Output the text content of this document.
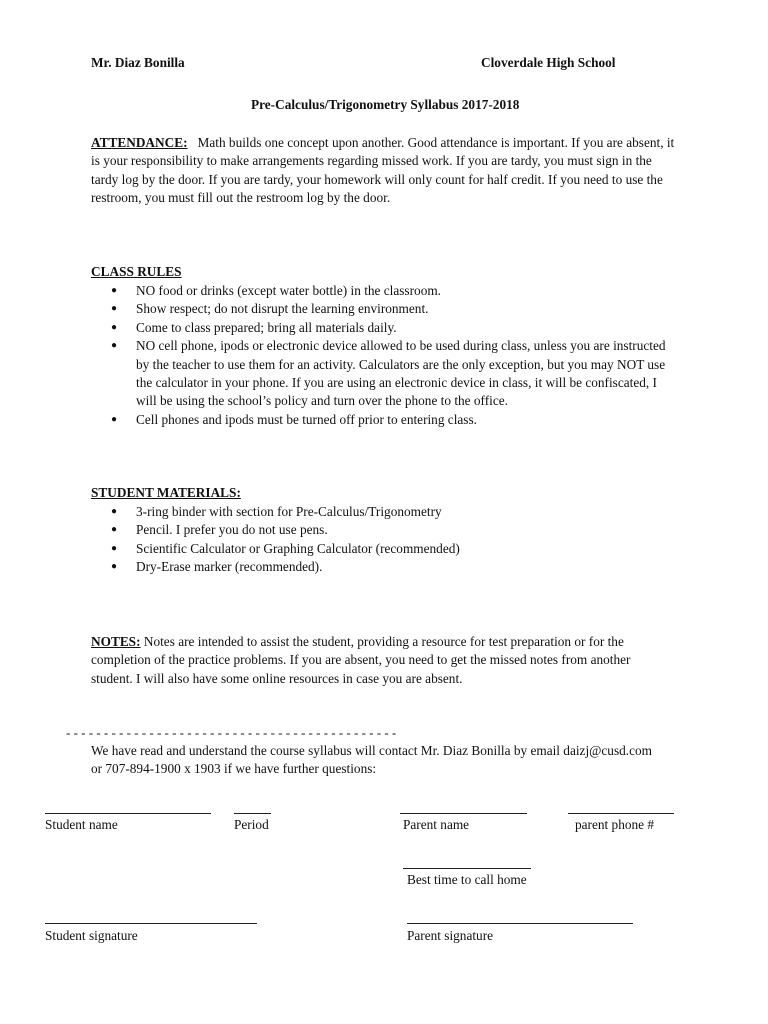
Mr. Diaz Bonilla	Cloverdale High School
Pre-Calculus/Trigonometry Syllabus 2017-2018
ATTENDANCE: Math builds one concept upon another. Good attendance is important. If you are absent, it is your responsibility to make arrangements regarding missed work. If you are tardy, you must sign in the tardy log by the door. If you are tardy, your homework will only count for half credit. If you need to use the restroom, you must fill out the restroom log by the door.
CLASS RULES
● NO food or drinks (except water bottle) in the classroom.
● Show respect; do not disrupt the learning environment.
● Come to class prepared; bring all materials daily.
● NO cell phone, ipods or electronic device allowed to be used during class, unless you are instructed by the teacher to use them for an activity. Calculators are the only exception, but you may NOT use the calculator in your phone. If you are using an electronic device in class, it will be confiscated, I will be using the school’s policy and turn over the phone to the office.
● Cell phones and ipods must be turned off prior to entering class.
STUDENT MATERIALS:
● 3-ring binder with section for Pre-Calculus/Trigonometry
● Pencil. I prefer you do not use pens.
● Scientific Calculator or Graphing Calculator (recommended)
● Dry-Erase marker (recommended).
NOTES: Notes are intended to assist the student, providing a resource for test preparation or for the completion of the practice problems. If you are absent, you need to get the missed notes from another student. I will also have some online resources in case you are absent.
- - - - - - - - - - - - - - - - - - - - - - - - - - - - - - - - - - - - - - - - - - - -
We have read and understand the course syllabus will contact Mr. Diaz Bonilla by email daizj@cusd.com or 707-894-1900 x 1903 if we have further questions:
Student name	Period	Parent name	parent phone #
Best time to call home
Student signature	Parent signature
